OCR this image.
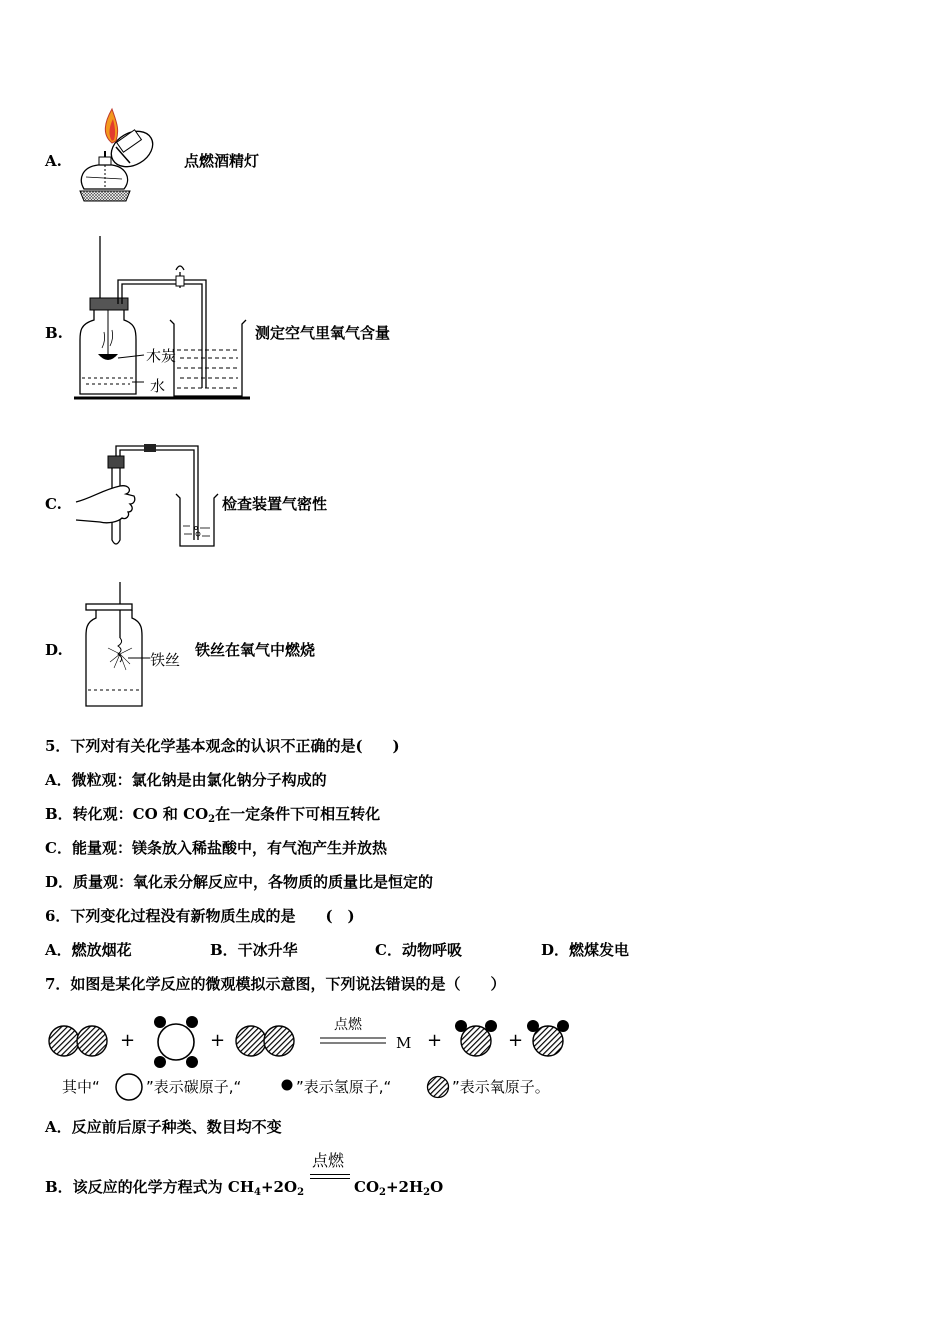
A.	点燃酒精灯
B.
木炭
水
测定空气里氧气含量
C.	检查装置气密性
D.
铁丝
铁丝在氧气中燃烧
5．下列对有关化学基本观念的认识不正确的是(　　)
A．微粒观：氯化钠是由氯化钠分子构成的
B．转化观：CO 和 $CO_2$在一定条件下可相互转化
C．能量观：镁条放入稀盐酸中，有气泡产生并放热
D．质量观：氧化汞分解反应中，各物质的质量比是恒定的
6．下列变化过程没有新物质生成的是　　(　)
A．燃放烟花	B．干冰升华	C．动物呼吸	D．燃煤发电
7．如图是某化学反应的微观模拟示意图，下列说法错误的是（　　）
+	+
点燃
M +	+
其中“	”表示碳原子,“	”表示氢原子,“	”表示氧原子。
A．反应前后原子种类、数目均不变
B．该反应的化学方程式为 $CH_4+2O_2$
点燃
$CO_2+2H_2O$
